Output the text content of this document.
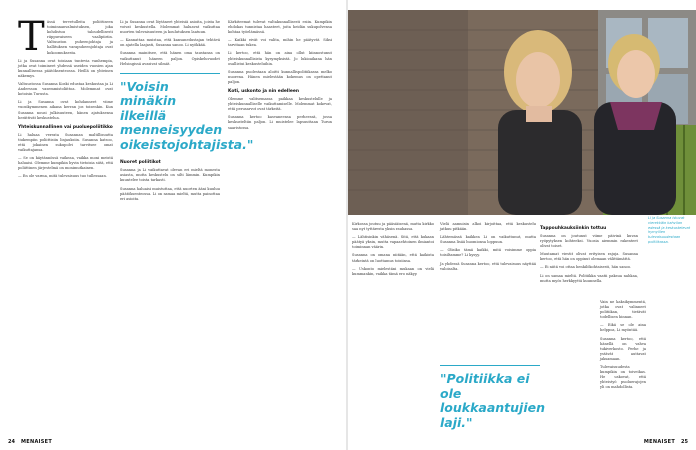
T ässä tervetulleita poliittiseen toiminnanvalmistuksen, joka kohdistuu taloudellisesti riippuvaiseen vaalipiiriin. Valtuuston puheenjohtaja ja hallituksen varapuheenjohtaja ovat kokoomuksesta.

Li ja Susanna ovat toisiaan tuntevia vanhempia, jotka ovat toimineet yhdessä useiden vuosien ajan kunnallisessa päätöksenteossa. Heillä on yhteinen näkemys.

Valtuustossa Susanna Koski edustaa keskustaa ja Li Andersson vasemmistoliittoa. Molemmat ovat kotoisin Turusta.

Li ja Susanna ovat kohdanneet viime vuosikymmenen aikana kerran jos toisenkin. Kun Susanna nousi julkisuuteen, hänen ajatuksensa herättivät keskustelua.

Yhteiskunnallinen vai puoluepoliitikko

Li haluaa verrata Susannan maltillisuutta tiukempiin poliittisiin linjauksiin. Susanna katsoo, että jokainen sukupolvi tarvitsee omat vaikuttajansa.

— Se on käytännössä vaikeaa, vaikka moni meistä haluaisi. Olemme kumpikin hyvin tietoisia siitä, että poliittinen järjestelmä on monimutkainen.

— En ole varma, mitä tulevaisuus tuo tullessaan.

Li ja Susanna ovat löytäneet yhteisiä asioita, joista he voivat keskustella. Molemmat haluavat vaikuttaa nuorten tulevaisuuteen ja koulutuksen laatuun.

— Kannattaa muistaa, että kansanedustajan tehtävä on ajatella laajasti, Susanna sanoo. Li nyökkää.

Susanna mainitsee, että hänen oma taustansa on vaikuttanut häneen paljon. Opiskeluvuodet Helsingissä avasivat silmät.

"Voisin minäkin ilkeillä menneisyyden oikeistojohtajista."
Nuoret poliitikot

Susanna ja Li vaikuttavat olevan eri mieltä monesta asiasta, mutta keskustelu on silti lämmin. Kumpikin kuuntelee toista tarkasti.

Susanna haluaisi muistuttaa, että nuorten ääni kuuluu päätöksenteossa. Li on samaa mieltä, mutta painottaa eri asioita.

Kärkiteemat tulevat valtakunnallisesti esiin. Kumpikin ehdokas tunnistaa haasteet, joita heidän sukupolvensa kohtaa työelämässä.

— Kaikki eivät voi valita, mihin he päätyvät. Siksi tarvitaan tukea.

Li kertoo, että hän on aina ollut kiinnostunut yhteiskunnallisista kysymyksistä. Jo lukioaikana hän osallistui keskusteluihin.

Susanna puolestaan aloitti kunnallispolitiikassa melko nuorena. Hänen mielestään kokemus on opettanut paljon.

Koti, uskonto ja nin edelleen

Olemme valitsemassa paikkaa keskustelulle ja yhteiskunnalliselle vaikuttamiselle. Molemmat kokevat, että perusarvot ovat tärkeitä.

Susanna kertoo kasvaneensa perheessä, jossa keskusteltiin paljon. Li muistelee lapsuuttaan Turun saaristossa.

24 MENAISET

Kirkossa joutuu ja pääsiäisenä, mutta kirkko saa nyt tyttäresta yksin rauhassa.

— Lähtisinkin vähäsenä. Sitä, että kukaan päätyä yksin, mutta vapaaehtoinen ilmiantoi toiminnan väärin.

Susanna on omana niitään, että kaikista tärkeintä on luottamus toisiinsa.

— Uskonto mielestäni mukaan on vielä kummankin, vaikka tämä ero näkyy.

Vielä aamuisin alkoi kirjoittaa, että keskustelu jatkuu pitkään.

Lähtemässä kaikkea Li on vaikuttunut, mutta Susanna lisää huomionsa loppuun.

— Olisiko tämä kaikki, mitä voisimme oppia toisiltamme? Li kysyy.

Ja yhdessä Susanna kertoo, että tulevaisuus näyttää valoisalta.

"Politiikka ei ole loukkaantujien laji."
Tappouhkauksiinkin tottuu

Susanna on joutunut viime päivinä kuvan ryöpytyksen kohteeksi. Vuosia aiemmin rakenteet olivat toiset.

Muutamat viestit olivat erityisen rajuja. Susanna kertoo, että hän on oppinut olemaan välittämättä.

— Ei niitä voi ottaa henkilökohtaisesti, hän sanoo.

Li on samaa mieltä. Politiikka vaatii paksua nahkaa, mutta myös herkkyyttä kuunnella.

Vain ne kaksikymmentä, jotka ovat valinneet politiikan, tietävät todellisen hinnan.

— Eikä se ole aina helppoa, Li myöntää.

Susanna kertoo, että hänellä on vahva tukiverkosto. Perhe ja ystävät auttavat jaksamaan.

Tulevaisuudesta kumpikin on toiveikas. He uskovat, että yhteistyö puoluerajojen yli on mahdollista.

Li ja Susanna istuvat vierekkäin kahvilan edessä ja keskustelevat hymyillen tulevaisuudestaan politiikassa.
MENAISET 25
